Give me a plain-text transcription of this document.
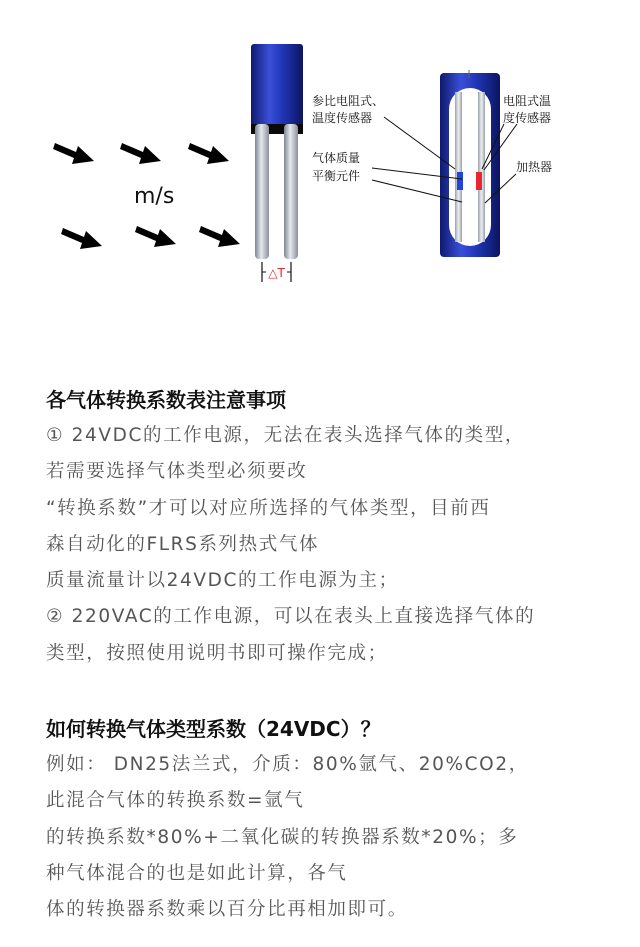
m/s
△T
参比电阻式、 温度传感器
气体质量 平衡元件
电阻式温 度传感器
加热器
各气体转换系数表注意事项

① 24VDC的工作电源，无法在表头选择气体的类型，

若需要选择气体类型必须要改

“转换系数”才可以对应所选择的气体类型，目前西

森自动化的FLRS系列热式气体

质量流量计以24VDC的工作电源为主；

② 220VAC的工作电源，可以在表头上直接选择气体的

类型，按照使用说明书即可操作完成；

如何转换气体类型系数（24VDC）？

例如： DN25法兰式，介质：80%氩气、20%CO2，

此混合气体的转换系数=氩气

的转换系数*80%+二氧化碳的转换器系数*20%；多

种气体混合的也是如此计算，各气

体的转换器系数乘以百分比再相加即可。
